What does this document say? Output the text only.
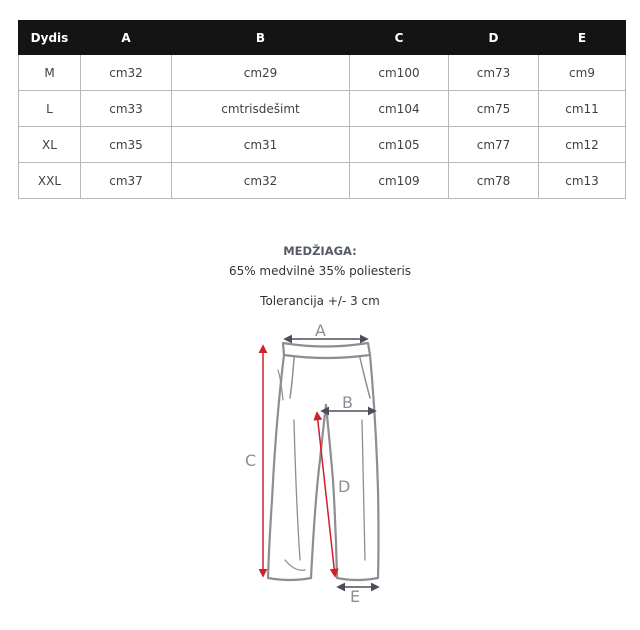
Dydis	A	B	C	D	E
M	cm32	cm29	cm100	cm73	cm9
L	cm33	cmtrisdešimt	cm104	cm75	cm11
XL	cm35	cm31	cm105	cm77	cm12
XXL	cm37	cm32	cm109	cm78	cm13
MEDŽIAGA:
65% medvilnė 35% poliesteris
Tolerancija +/- 3 cm
A
B
C
D
E
